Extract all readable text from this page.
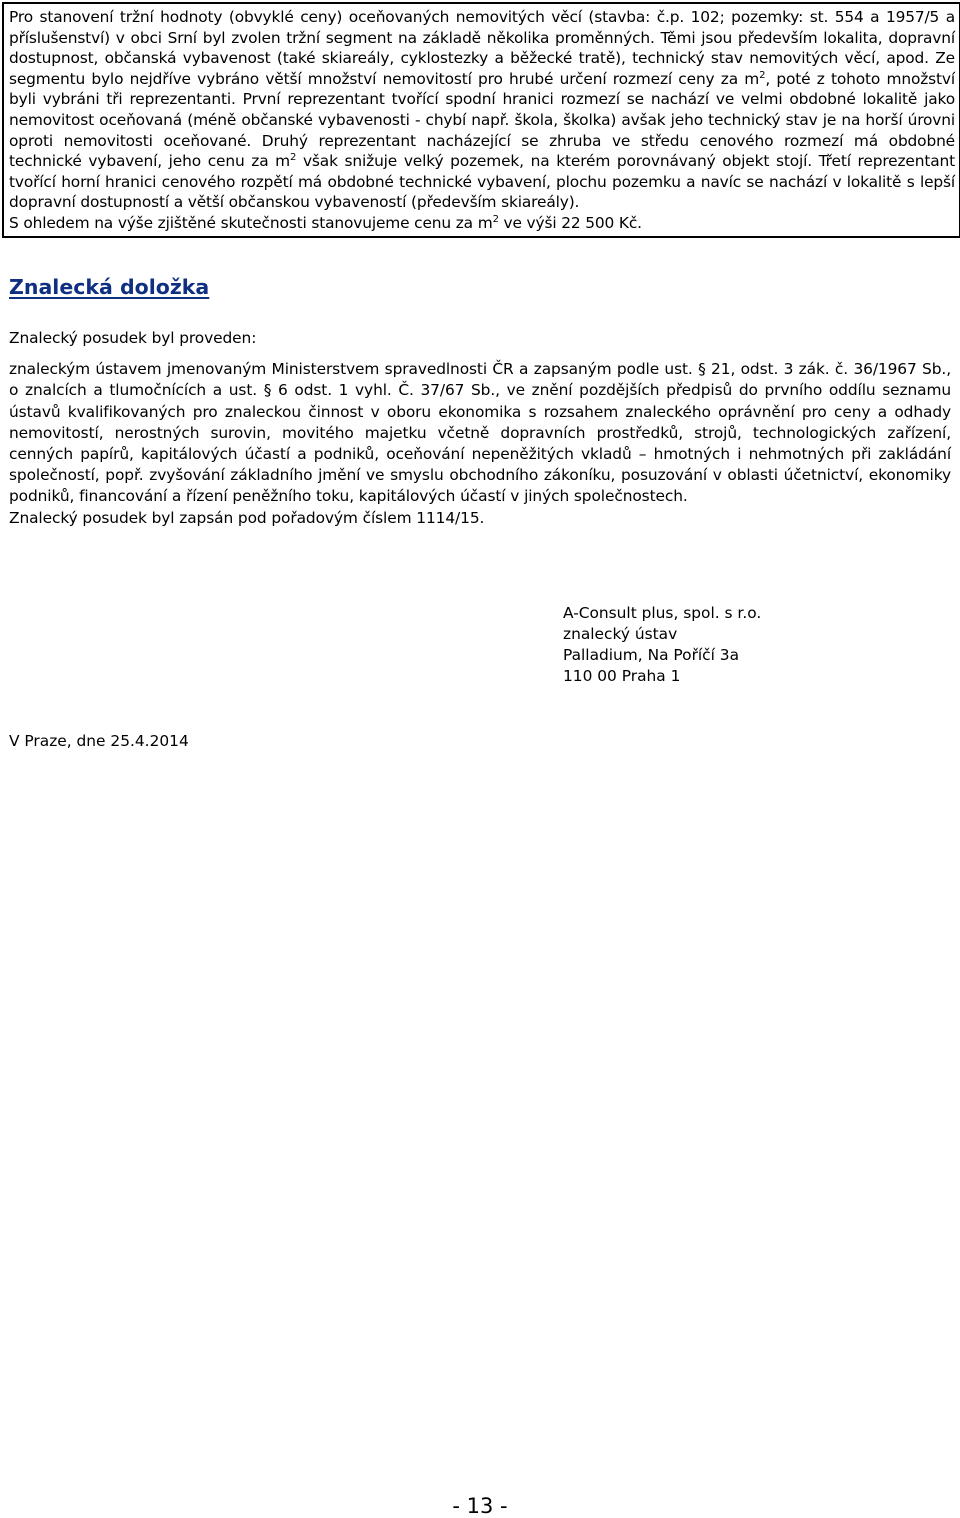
Pro stanovení tržní hodnoty (obvyklé ceny) oceňovaných nemovitých věcí (stavba: č.p. 102; pozemky: st. 554 a 1957/5 a příslušenství) v obci Srní byl zvolen tržní segment na základě několika proměnných. Těmi jsou především lokalita, dopravní dostupnost, občanská vybavenost (také skiareály, cyklostezky a běžecké tratě), technický stav nemovitých věcí, apod. Ze segmentu bylo nejdříve vybráno větší množství nemovitostí pro hrubé určení rozmezí ceny za $m^2$, poté z tohoto množství byli vybráni tři reprezentanti. První reprezentant tvořící spodní hranici rozmezí se nachází ve velmi obdobné lokalitě jako nemovitost oceňovaná (méně občanské vybavenosti - chybí např. škola, školka) avšak jeho technický stav je na horší úrovni oproti nemovitosti oceňované. Druhý reprezentant nacházející se zhruba ve středu cenového rozmezí má obdobné technické vybavení, jeho cenu za $m^2$ však snižuje velký pozemek, na kterém porovnávaný objekt stojí. Třetí reprezentant tvořící horní hranici cenového rozpětí má obdobné technické vybavení, plochu pozemku a navíc se nachází v lokalitě s lepší dopravní dostupností a větší občanskou vybaveností (především skiareály).

S ohledem na výše zjištěné skutečnosti stanovujeme cenu za $m^2$ ve výši 22 500 Kč.

Znalecká doložka

Znalecký posudek byl proveden:

znaleckým ústavem jmenovaným Ministerstvem spravedlnosti ČR a zapsaným podle ust. § 21, odst. 3 zák. č. 36/1967 Sb., o znalcích a tlumočnících a ust. § 6 odst. 1 vyhl. Č. 37/67 Sb., ve znění pozdějších předpisů do prvního oddílu seznamu ústavů kvalifikovaných pro znaleckou činnost v oboru ekonomika s rozsahem znaleckého oprávnění pro ceny a odhady nemovitostí, nerostných surovin, movitého majetku včetně dopravních prostředků, strojů, technologických zařízení, cenných papírů, kapitálových účastí a podniků, oceňování nepeněžitých vkladů – hmotných i nehmotných při zakládání společností, popř. zvyšování základního jmění ve smyslu obchodního zákoníku, posuzování v oblasti účetnictví, ekonomiky podniků, financování a řízení peněžního toku, kapitálových účastí v jiných společnostech.

Znalecký posudek byl zapsán pod pořadovým číslem 1114/15.

A-Consult plus, spol. s r.o.
znalecký ústav
Palladium, Na Poříčí 3a
110 00 Praha 1
V Praze, dne 25.4.2014
- 13 -
